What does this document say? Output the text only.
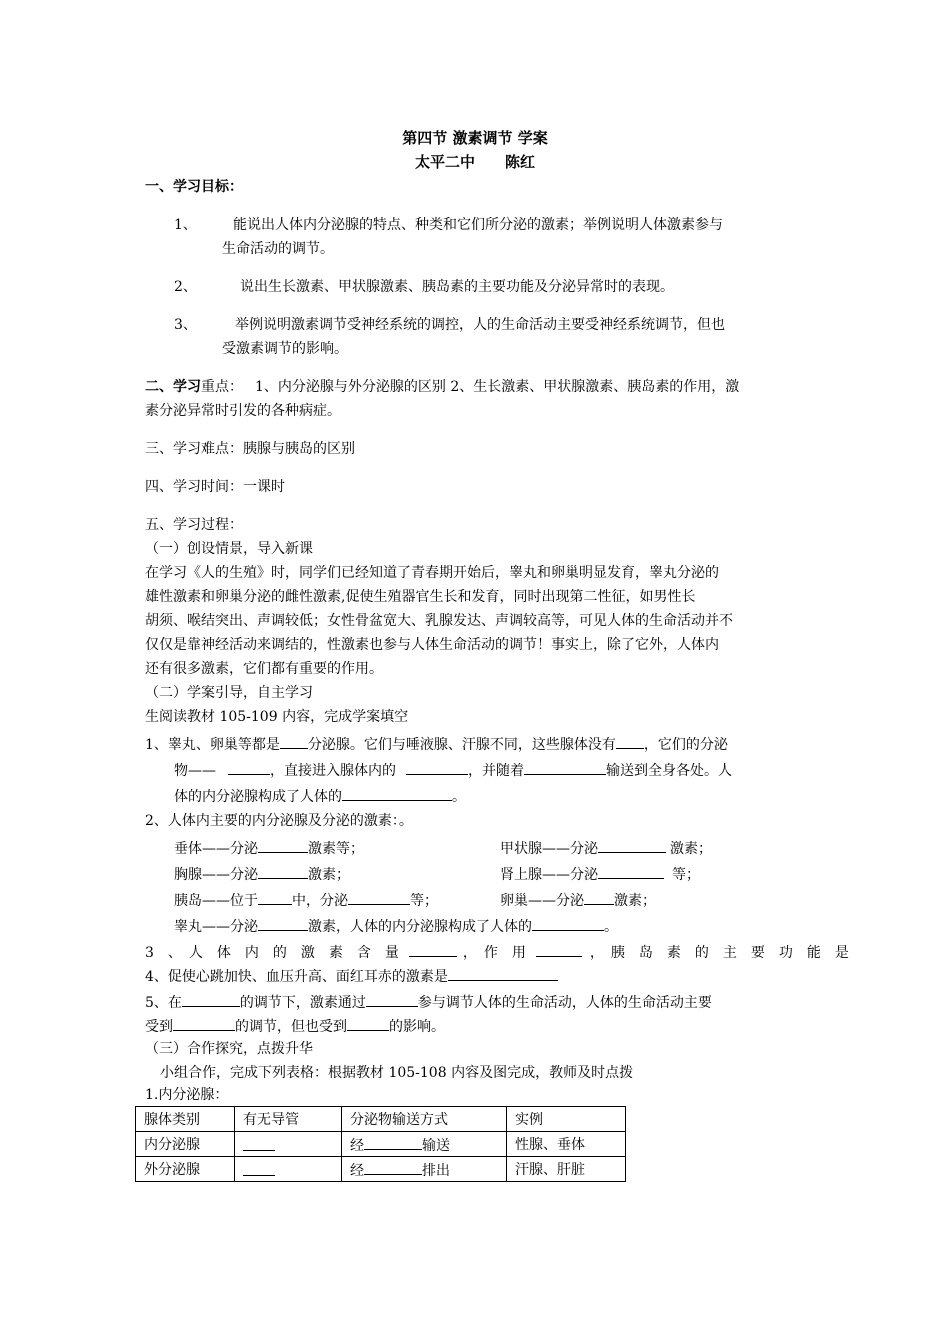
第四节 激素调节 学案
太平二中　　陈红
一、学习目标：
1、	能说出人体内分泌腺的特点、种类和它们所分泌的激素；举例说明人体激素参与
生命活动的调节。
2、	说出生长激素、甲状腺激素、胰岛素的主要功能及分泌异常时的表现。
3、	举例说明激素调节受神经系统的调控，人的生命活动主要受神经系统调节，但也
受激素调节的影响。
二、学习重点： 1、内分泌腺与外分泌腺的区别 2、生长激素、甲状腺激素、胰岛素的作用，激
素分泌异常时引发的各种病症。
三、学习难点：胰腺与胰岛的区别
四、学习时间：一课时
五、学习过程：
（一）创设情景，导入新课
在学习《人的生殖》时，同学们已经知道了青春期开始后，睾丸和卵巢明显发育，睾丸分泌的
雄性激素和卵巢分泌的雌性激素,促使生殖器官生长和发育，同时出现第二性征，如男性长
胡须、喉结突出、声调较低；女性骨盆宽大、乳腺发达、声调较高等，可见人体的生命活动并不
仅仅是靠神经活动来调结的，性激素也参与人体生命活动的调节！事实上，除了它外，人体内
还有很多激素，它们都有重要的作用。
（二）学案引导，自主学习
生阅读教材 105-109 内容，完成学案填空
1、睾丸、卵巢等都是 分泌腺。它们与唾液腺、汗腺不同，这些腺体没有 ，它们的分泌
物——	，直接进入腺体内的	，并随着	输送到全身各处。人
体的内分泌腺构成了人体的	。
2、人体内主要的内分泌腺及分泌的激素：。
垂体——分泌	激素等；	甲状腺——分泌	激素；
胸腺——分泌	激素；	肾上腺——分泌	等；
胰岛——位于 中，分泌	等；	卵巢——分泌 激素；
睾丸——分泌	激素，人体的内分泌腺构成了人体的	。
3　、　人　体　内　的　激　素　含　量	，　作　用	，　胰　岛　素　的　主　要　功　能　是
4、促使心跳加快、血压升高、面红耳赤的激素是
5、在	的调节下，激素通过	参与调节人体的生命活动，人体的生命活动主要
受到	的调节，但也受到	的影响。
（三）合作探究，点拨升华
小组合作，完成下列表格：根据教材 105-108 内容及图完成，教师及时点拨
1.内分泌腺：
腺体类别	有无导管	分泌物输送方式	实例
内分泌腺		经 输送	性腺、垂体
外分泌腺		经 排出	汗腺、肝脏
